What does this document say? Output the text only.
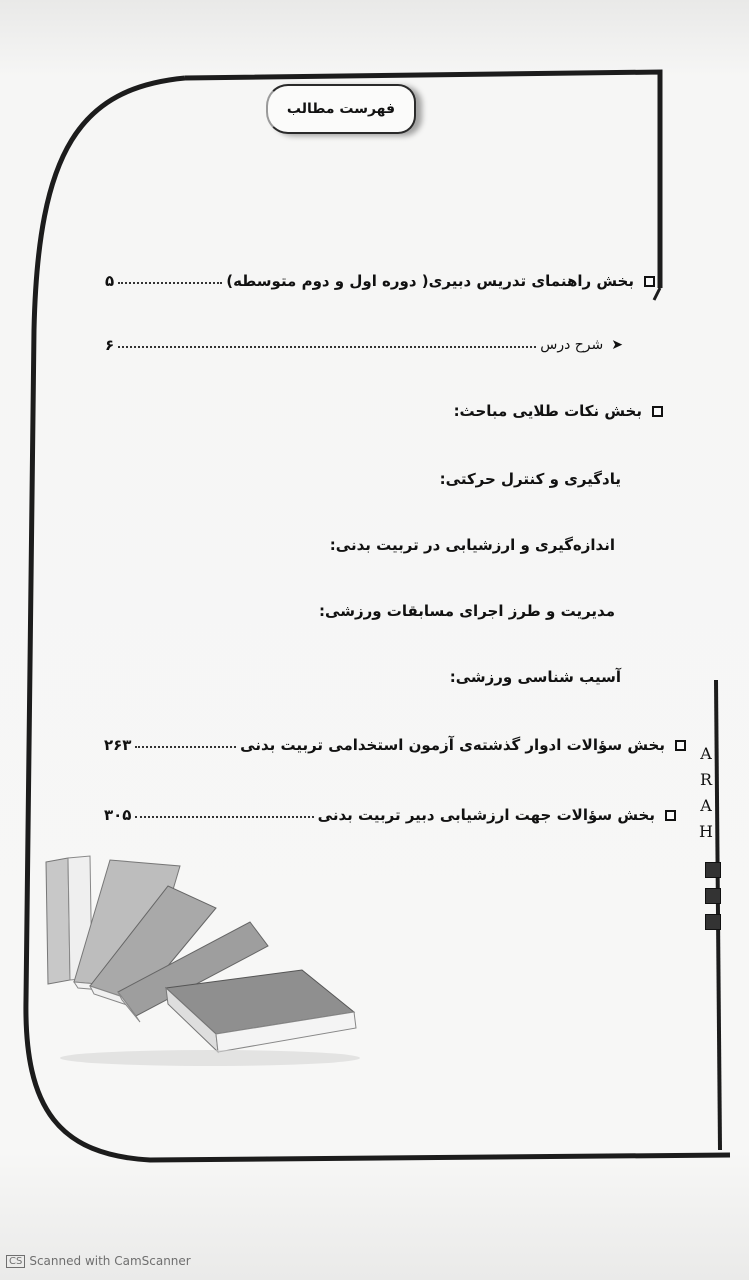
فهرست مطالب
بخش راهنمای تدریس دبیری( دوره اول و دوم متوسطه)
۵
➤
شرح درس
۶
بخش نکات طلایی مباحث:
یادگیری و کنترل حرکتی:
اندازه‌گیری و ارزشیابی در تربیت بدنی:
مدیریت و طرز اجرای مسابقات ورزشی:
آسیب شناسی ورزشی:
بخش سؤالات ادوار گذشته‌ی آزمون استخدامی تربیت بدنی
۲۶۳
بخش سؤالات جهت ارزشیابی دبیر تربیت بدنی
۳۰۵
A
R
A
H
CS Scanned with CamScanner
